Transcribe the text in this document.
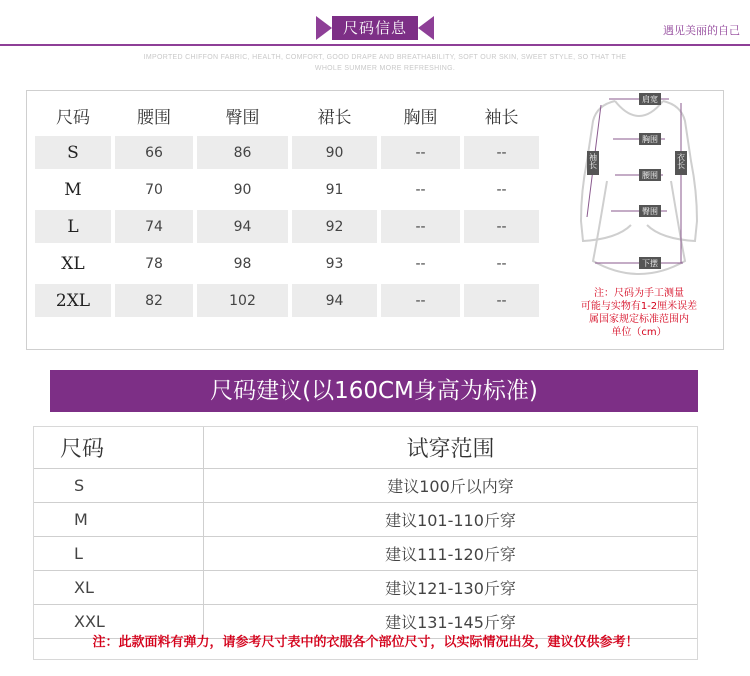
尺码信息	遇见美丽的自己
IMPORTED CHIFFON FABRIC, HEALTH, COMFORT, GOOD DRAPE AND BREATHABILITY, SOFT OUR SKIN, SWEET STYLE, SO THAT THE WHOLE SUMMER MORE REFRESHING.
尺码	腰围	臀围	裙长	胸围	袖长
S	66	86	90	--	--
M	70	90	91	--	--
L	74	94	92	--	--
XL	78	98	93	--	--
2XL	82	102	94	--	--
肩宽
胸围
腰围
臀围
下摆
袖长	衣长
注：尺码为手工测量
可能与实物有1-2厘米误差
属国家规定标准范围内
单位（cm）
尺码建议(以160CM身高为标准)
尺码	试穿范围
S	建议100斤以内穿
M	建议101-110斤穿
L	建议111-120斤穿
XL	建议121-130斤穿
XXL	建议131-145斤穿
注：此款面料有弹力，请参考尺寸表中的衣服各个部位尺寸，以实际情况出发，建议仅供参考！
